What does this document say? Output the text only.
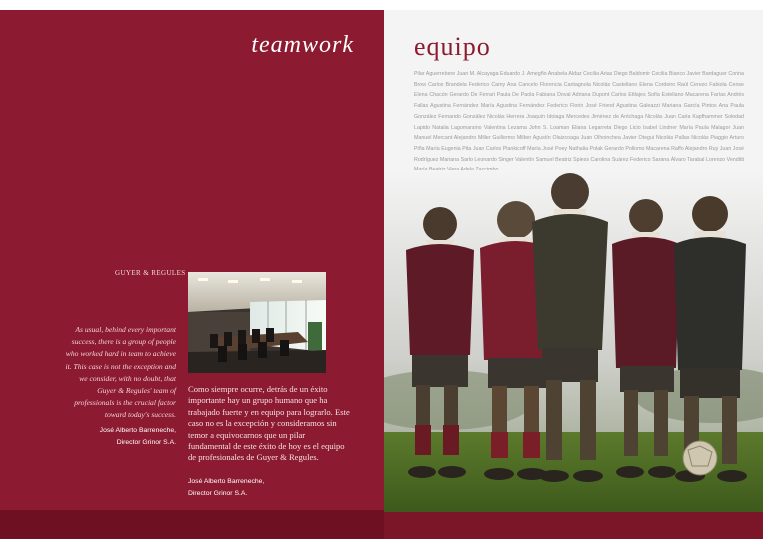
teamwork
GUYER & REGULES
As usual, behind every important success, there is a group of people who worked hard in team to achieve it. This case is not the exception and we consider, with no doubt, that Guyer & Regules' team of professionals is the crucial factor toward today's success.
José Alberto Barreneche,
Director Grinor S.A.
Como siempre ocurre, detrás de un éxito importante hay un grupo humano que ha trabajado fuerte y en equipo para lograrlo. Este caso no es la excepción y consideramos sin temor a equivocarnos que un pilar fundamental de este éxito de hoy es el equipo de profesionales de Guyer & Regules.
José Alberto Barreneche,
Director Grinor S.A.
equipo
Pilar Aguerrebere Juan M. Alcayaga Eduardo J. Amegño Anabela Aldaz Cecilia Arias Diego Baldomir Cecilia Bianco Javier Bardaguer Corina Brow Carlos Brandela Federico Camy Ana Cancelo Florencia Cantagnola Nicolás Castellano Elena Cordeiro Raúl Cerezo Fabiola Cense Elena Chacón Gerardo De Ferrari Paula De Paola Fabiana Doval Adriana Dupont Carlos Ettlajes Sofía Estellano Macarena Farías Andrés Fallas Agustina Fernández María Agustina Fernández Federico Florin José Friend Agustina Galeazzi Mariana García Pintos Ana Paula González Fernando González Nicolás Herrera Joaquín Idoiaga Mercedes Jiménez de Aréchaga Nicolás Juan Carla Kapfhammer Soledad Lapido Natalia Lagomarsino Valentina Lezama John S. Loaman Eliana Legarreta Diego Licio Isabel Lindner María Paula Malagor Juan Manuel Mercant Alejandro Miller Guillermo Milber Agustín Olaizcoaga Juan Olhoinchea Javier Otegui Nicolás Pallas Nicolás Piaggio Arturo Piña María Eugenia Pita Juan Carlos Plankicoff María José Poey Nathalia Polak Gerardo Pollomo Macarena Raffo Alejandro Ruy Juan José Rodríguez Mariana Sarlo Leonardo Singer Valentín Samuel Beatriz Spiess Carolina Suárez Federico Sarana Álvaro Tarabal Lorenzo Venditti
